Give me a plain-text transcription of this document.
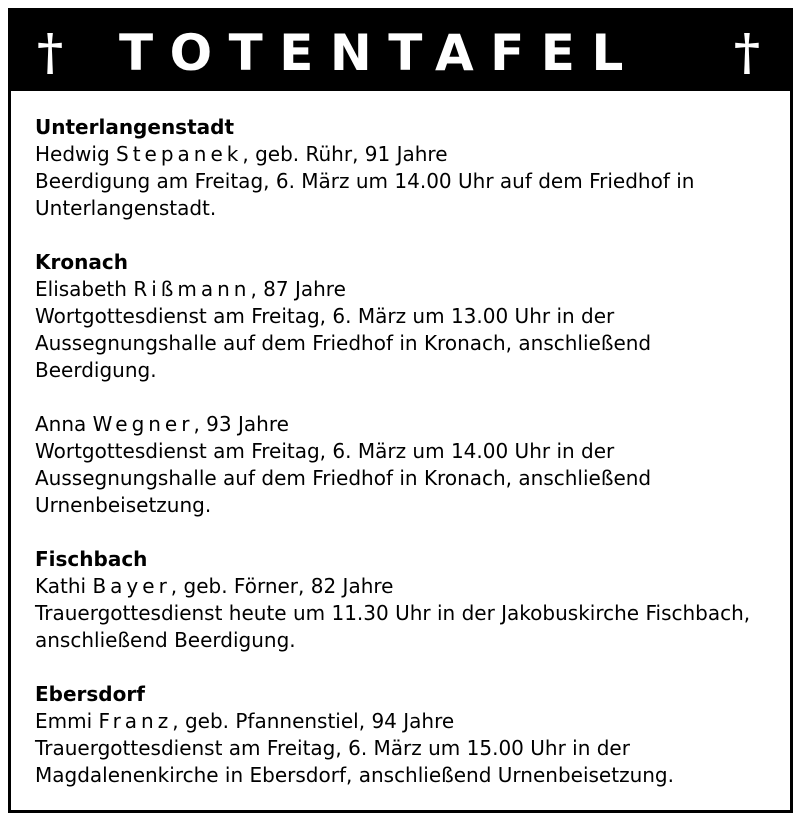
† TOTENTAFEL	†
Unterlangenstadt
Hedwig Stepanek, geb. Rühr, 91 Jahre
Beerdigung am Freitag, 6. März um 14.00 Uhr auf dem Friedhof in
Unterlangenstadt.
Kronach
Elisabeth Rißmann, 87 Jahre
Wortgottesdienst am Freitag, 6. März um 13.00 Uhr in der
Aussegnungshalle auf dem Friedhof in Kronach, anschließend
Beerdigung.
Anna Wegner, 93 Jahre
Wortgottesdienst am Freitag, 6. März um 14.00 Uhr in der
Aussegnungshalle auf dem Friedhof in Kronach, anschließend
Urnenbeisetzung.
Fischbach
Kathi Bayer, geb. Förner, 82 Jahre
Trauergottesdienst heute um 11.30 Uhr in der Jakobuskirche Fischbach,
anschließend Beerdigung.
Ebersdorf
Emmi Franz, geb. Pfannenstiel, 94 Jahre
Trauergottesdienst am Freitag, 6. März um 15.00 Uhr in der
Magdalenenkirche in Ebersdorf, anschließend Urnenbeisetzung.
